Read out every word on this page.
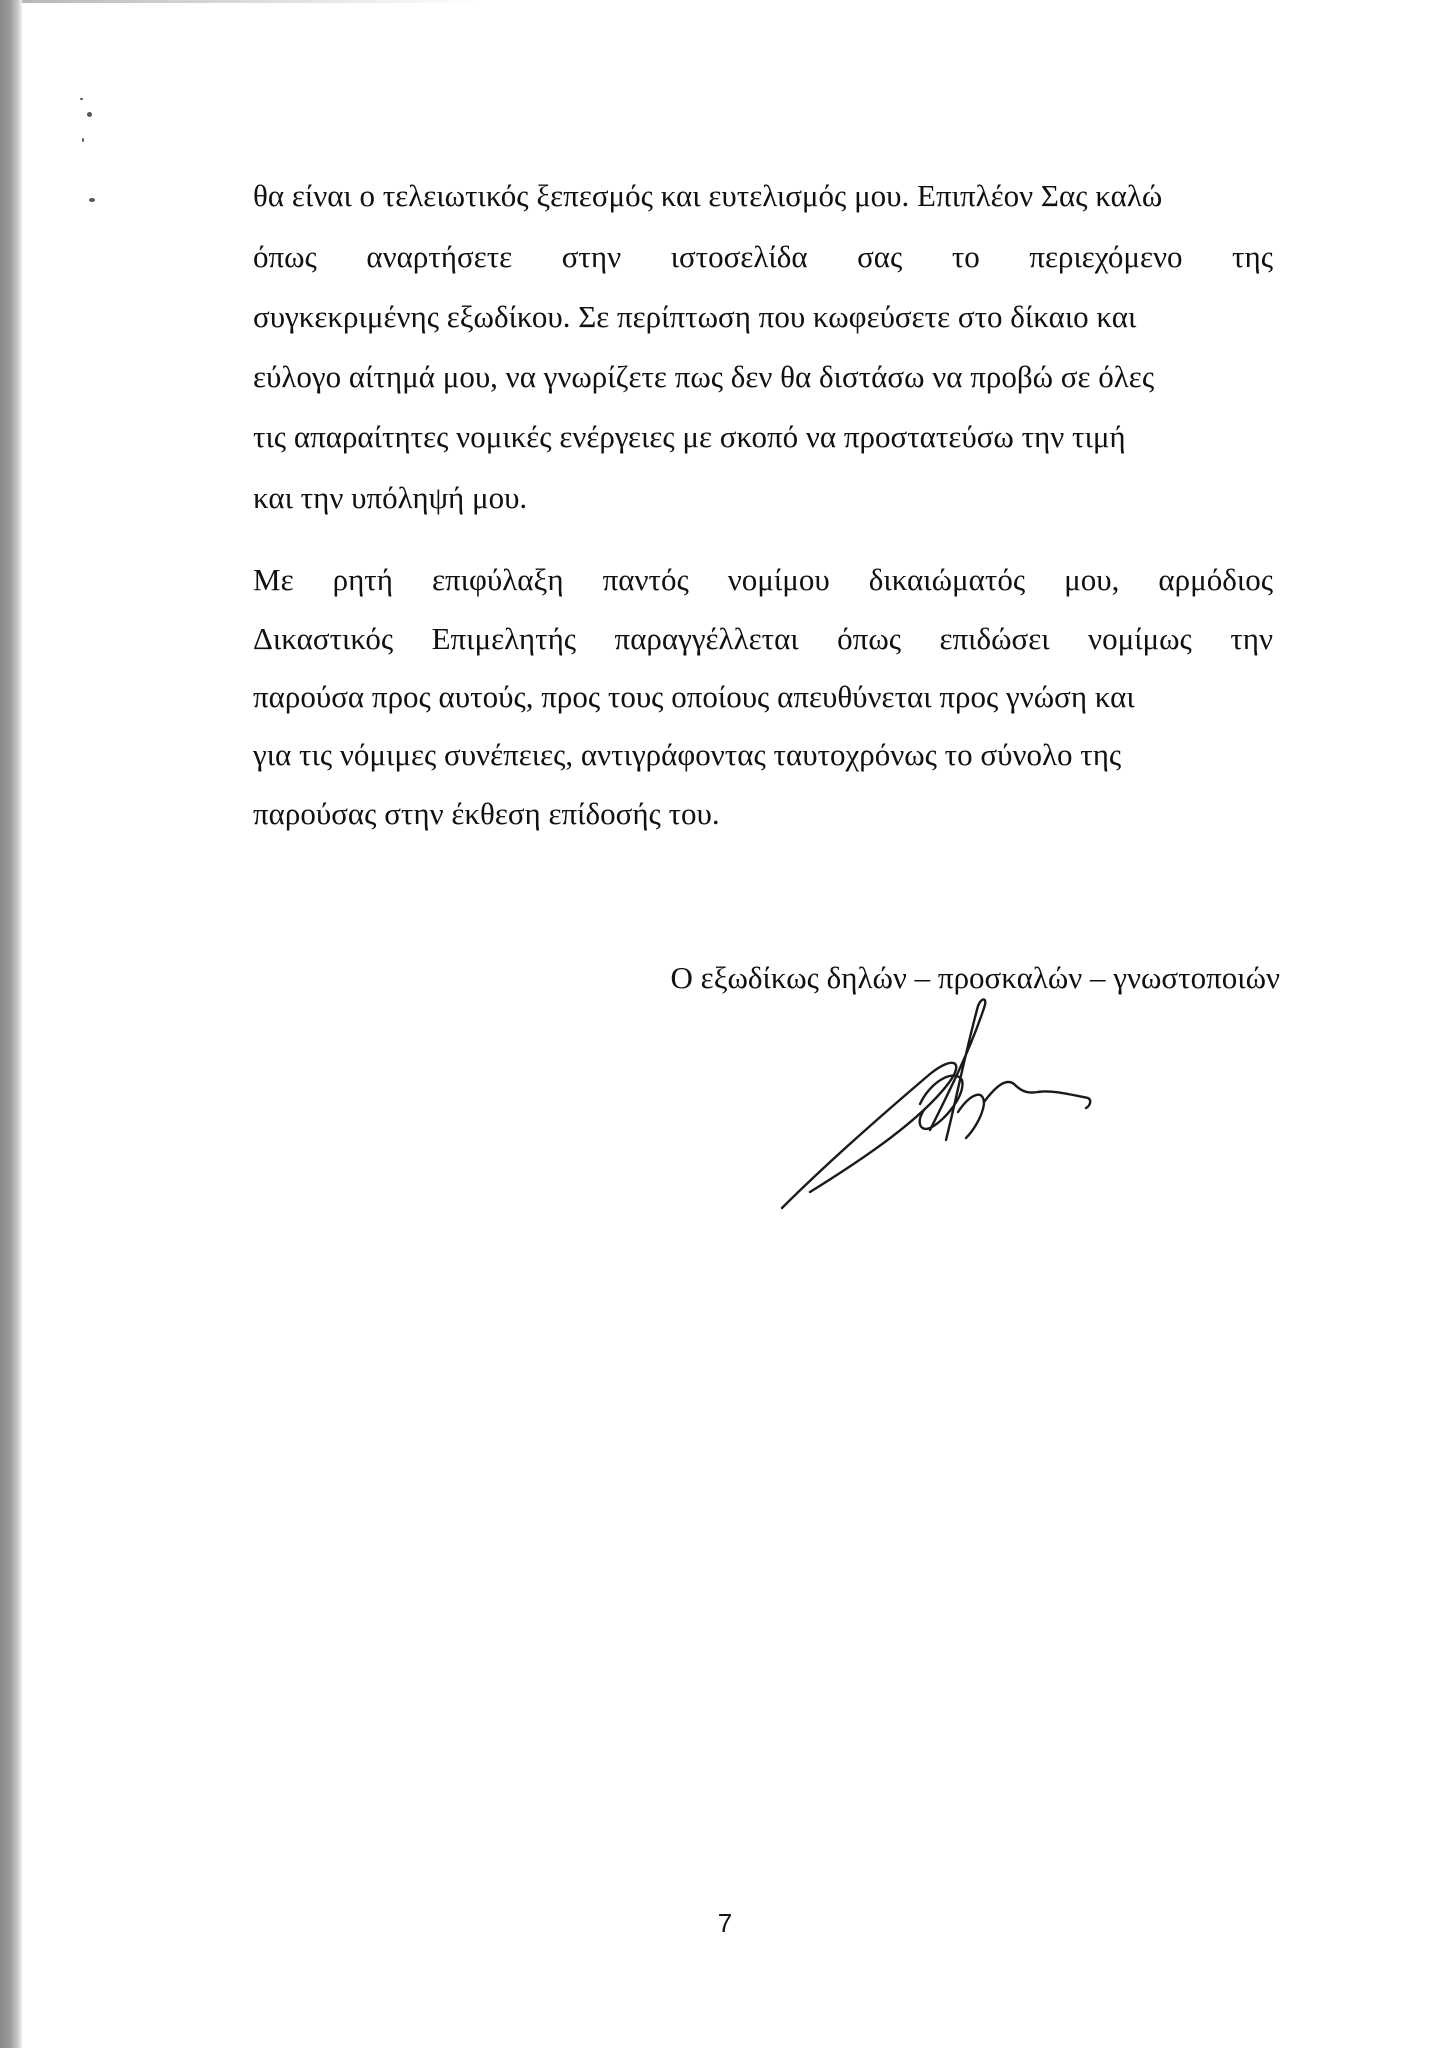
θα είναι ο τελειωτικός ξεπεσμός και ευτελισμός μου. Επιπλέον Σας καλώ
όπως αναρτήσετε στην ιστοσελίδα σας το περιεχόμενο της
συγκεκριμένης εξωδίκου. Σε περίπτωση που κωφεύσετε στο δίκαιο και
εύλογο αίτημά μου, να γνωρίζετε πως δεν θα διστάσω να προβώ σε όλες
τις απαραίτητες νομικές ενέργειες με σκοπό να προστατεύσω την τιμή
και την υπόληψή μου.
Με ρητή επιφύλαξη παντός νομίμου δικαιώματός μου, αρμόδιος
Δικαστικός Επιμελητής παραγγέλλεται όπως επιδώσει νομίμως την
παρούσα προς αυτούς, προς τους οποίους απευθύνεται προς γνώση και
για τις νόμιμες συνέπειες, αντιγράφοντας ταυτοχρόνως το σύνολο της
παρούσας στην έκθεση επίδοσής του.
Ο εξωδίκως δηλών – προσκαλών – γνωστοποιών
7
